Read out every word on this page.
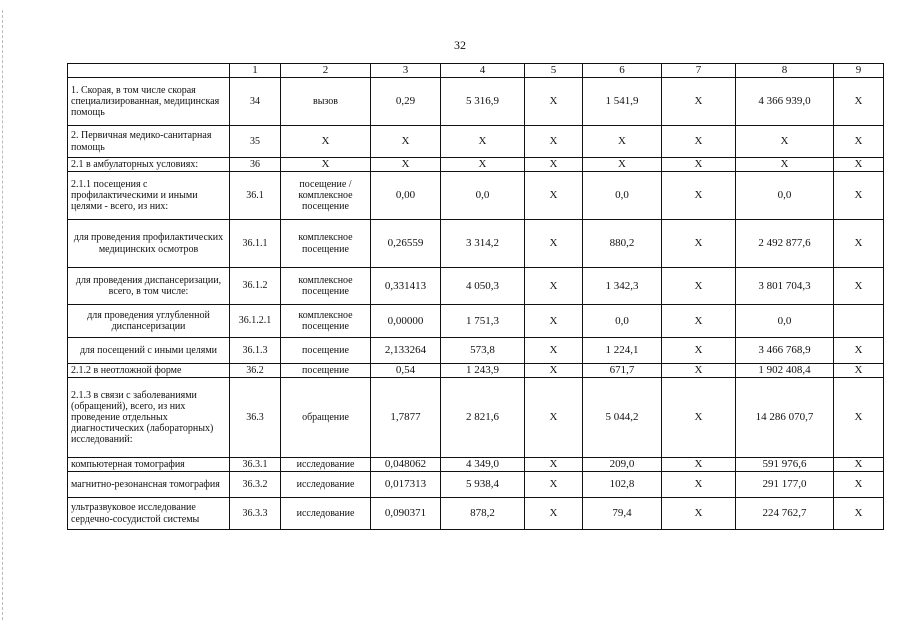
32
	1	2	3	4	5	6	7	8	9
1. Скорая, в том числе скорая специализированная, медицинская помощь	34	вызов	0,29	5 316,9	Х	1 541,9	Х	4 366 939,0	Х
2. Первичная медико-санитарная помощь	35	Х	Х	Х	Х	Х	Х	Х	Х
2.1 в амбулаторных условиях:	36	Х	Х	Х	Х	Х	Х	Х	Х
2.1.1 посещения с профилактическими и иными целями - всего, из них:	36.1	посещение / комплексное посещение	0,00	0,0	Х	0,0	Х	0,0	Х
для проведения профилактических медицинских осмотров	36.1.1	комплексное посещение	0,26559	3 314,2	Х	880,2	Х	2 492 877,6	Х
для проведения диспансеризации, всего, в том числе:	36.1.2	комплексное посещение	0,331413	4 050,3	Х	1 342,3	Х	3 801 704,3	Х
для проведения углубленной диспансеризации	36.1.2.1	комплексное посещение	0,00000	1 751,3	Х	0,0	Х	0,0	
для посещений с иными целями	36.1.3	посещение	2,133264	573,8	Х	1 224,1	Х	3 466 768,9	Х
2.1.2 в неотложной форме	36.2	посещение	0,54	1 243,9	Х	671,7	Х	1 902 408,4	Х
2.1.3 в связи с заболеваниями (обращений), всего, из них проведение отдельных диагностических (лабораторных) исследований:	36.3	обращение	1,7877	2 821,6	Х	5 044,2	Х	14 286 070,7	Х
компьютерная томография	36.3.1	исследование	0,048062	4 349,0	Х	209,0	Х	591 976,6	Х
магнитно-резонансная томография	36.3.2	исследование	0,017313	5 938,4	Х	102,8	Х	291 177,0	Х
ультразвуковое исследование сердечно-сосудистой системы	36.3.3	исследование	0,090371	878,2	Х	79,4	Х	224 762,7	Х
